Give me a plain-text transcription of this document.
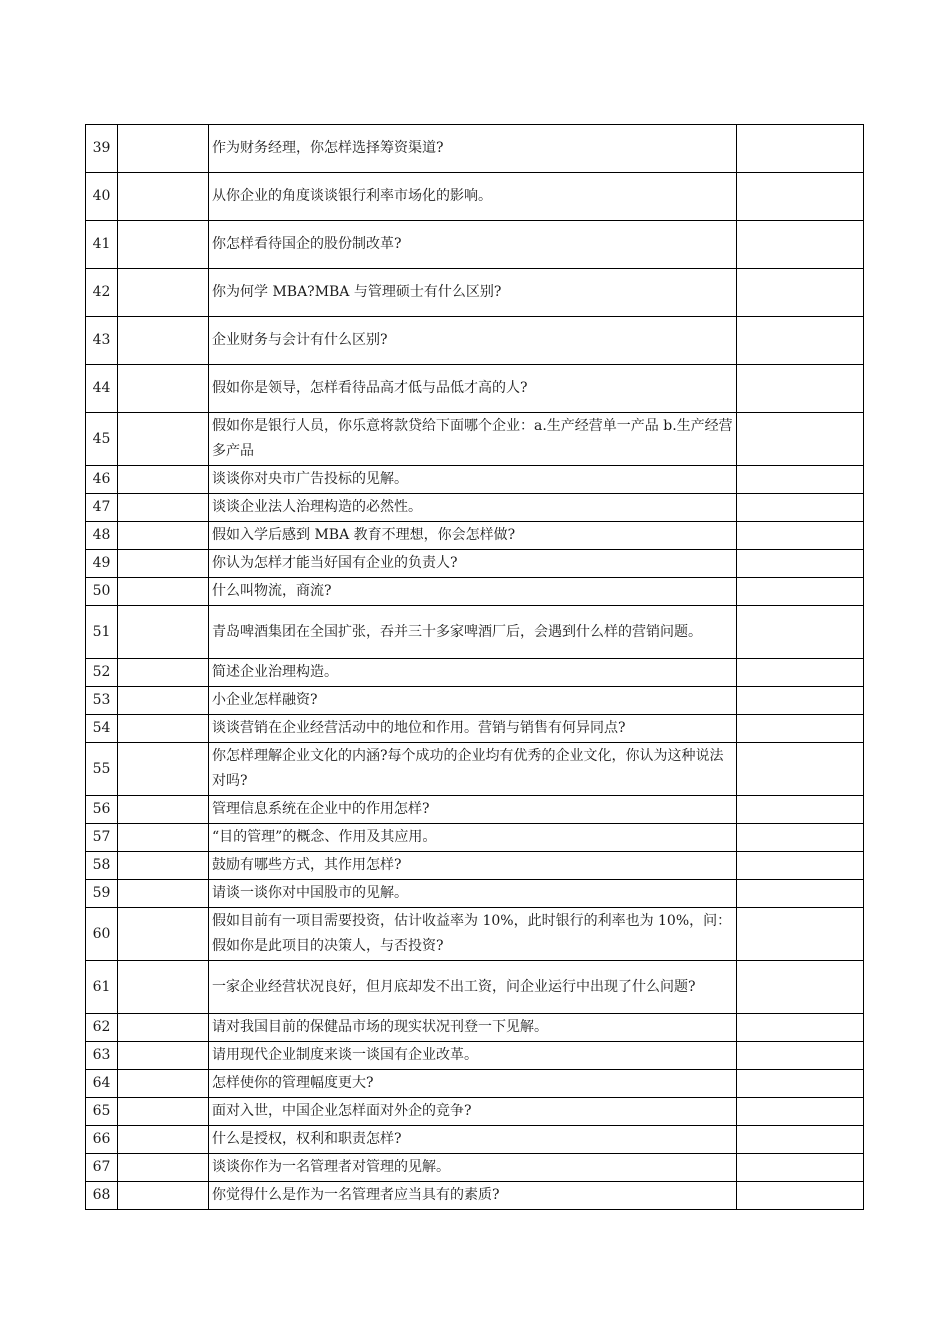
39		作为财务经理，你怎样选择筹资渠道?	
40		从你企业的角度谈谈银行利率市场化的影响。	
41		你怎样看待国企的股份制改革?	
42		你为何学 MBA?MBA 与管理硕士有什么区别?	
43		企业财务与会计有什么区别?	
44		假如你是领导，怎样看待品高才低与品低才高的人?	
45		假如你是银行人员，你乐意将款贷给下面哪个企业：a.生产经营单一产品 b.生产经营多产品	
46		谈谈你对央市广告投标的见解。	
47		谈谈企业法人治理构造的必然性。	
48		假如入学后感到 MBA 教育不理想，你会怎样做?	
49		你认为怎样才能当好国有企业的负责人?	
50		什么叫物流，商流?	
51		青岛啤酒集团在全国扩张，吞并三十多家啤酒厂后，会遇到什么样的营销问题。	
52		简述企业治理构造。	
53		小企业怎样融资?	
54		谈谈营销在企业经营活动中的地位和作用。营销与销售有何异同点?	
55		你怎样理解企业文化的内涵?每个成功的企业均有优秀的企业文化，你认为这种说法对吗?	
56		管理信息系统在企业中的作用怎样?	
57		“目的管理”的概念、作用及其应用。	
58		鼓励有哪些方式，其作用怎样?	
59		请谈一谈你对中国股市的见解。	
60		假如目前有一项目需要投资，估计收益率为 10%，此时银行的利率也为 10%，问：假如你是此项目的决策人，与否投资?	
61		一家企业经营状况良好，但月底却发不出工资，问企业运行中出现了什么问题?	
62		请对我国目前的保健品市场的现实状况刊登一下见解。	
63		请用现代企业制度来谈一谈国有企业改革。	
64		怎样使你的管理幅度更大?	
65		面对入世，中国企业怎样面对外企的竞争?	
66		什么是授权，权利和职责怎样?	
67		谈谈你作为一名管理者对管理的见解。	
68		你觉得什么是作为一名管理者应当具有的素质?	
